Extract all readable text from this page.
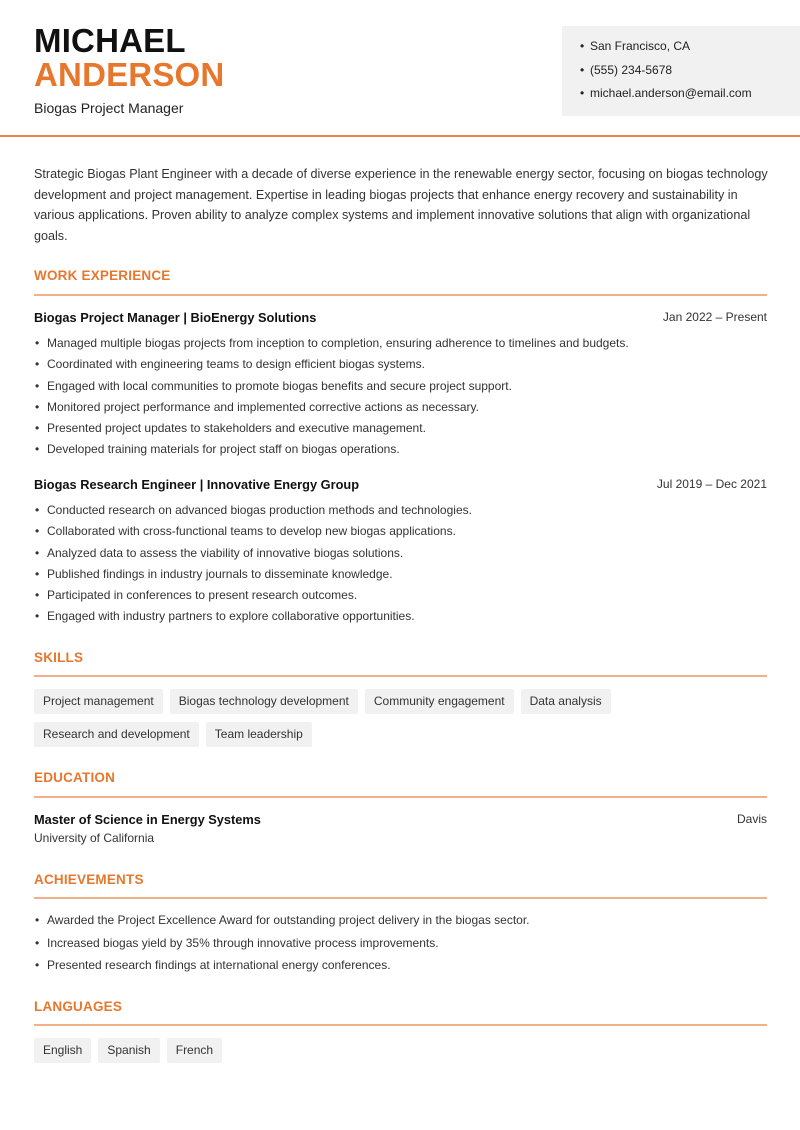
MICHAEL
ANDERSON
Biogas Project Manager
• San Francisco, CA
• (555) 234-5678
• michael.anderson@email.com

Strategic Biogas Plant Engineer with a decade of diverse experience in the renewable energy sector, focusing on biogas technology development and project management. Expertise in leading biogas projects that enhance energy recovery and sustainability in various applications. Proven ability to analyze complex systems and implement innovative solutions that align with organizational goals.

WORK EXPERIENCE
Biogas Project Manager | BioEnergy Solutions	Jan 2022 – Present
• Managed multiple biogas projects from inception to completion, ensuring adherence to timelines and budgets.
• Coordinated with engineering teams to design efficient biogas systems.
• Engaged with local communities to promote biogas benefits and secure project support.
• Monitored project performance and implemented corrective actions as necessary.
• Presented project updates to stakeholders and executive management.
• Developed training materials for project staff on biogas operations.
Biogas Research Engineer | Innovative Energy Group	Jul 2019 – Dec 2021
• Conducted research on advanced biogas production methods and technologies.
• Collaborated with cross-functional teams to develop new biogas applications.
• Analyzed data to assess the viability of innovative biogas solutions.
• Published findings in industry journals to disseminate knowledge.
• Participated in conferences to present research outcomes.
• Engaged with industry partners to explore collaborative opportunities.
SKILLS
Project management	Biogas technology development	Community engagement	Data analysis
Research and development	Team leadership
EDUCATION
Master of Science in Energy Systems	Davis
University of California
ACHIEVEMENTS
• Awarded the Project Excellence Award for outstanding project delivery in the biogas sector.
• Increased biogas yield by 35% through innovative process improvements.
• Presented research findings at international energy conferences.
LANGUAGES
English	Spanish	French
